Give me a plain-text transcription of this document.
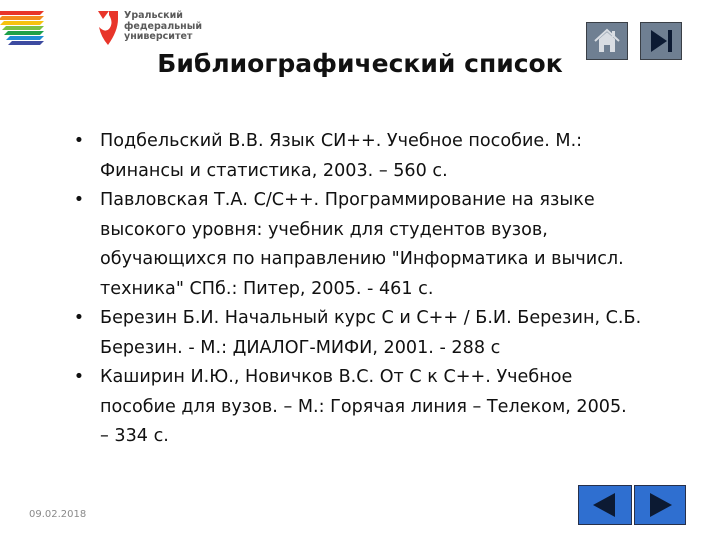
Уральский
федеральный
университет
Библиографический список
• Подбельский В.В. Язык СИ++. Учебное пособие. М.:
Финансы и статистика, 2003. – 560 с.
• Павловская Т.А. С/С++. Программирование на языке
высокого уровня: учебник для студентов вузов,
обучающихся по направлению "Информатика и вычисл.
техника" СПб.: Питер, 2005. - 461 с.
• Березин Б.И. Начальный курс С и С++ / Б.И. Березин, С.Б.
Березин. - М.: ДИАЛОГ-МИФИ, 2001. - 288 с
• Каширин И.Ю., Новичков В.С. От С к С++. Учебное
пособие для вузов. – М.: Горячая линия – Телеком, 2005.
– 334 с.
09.02.2018
